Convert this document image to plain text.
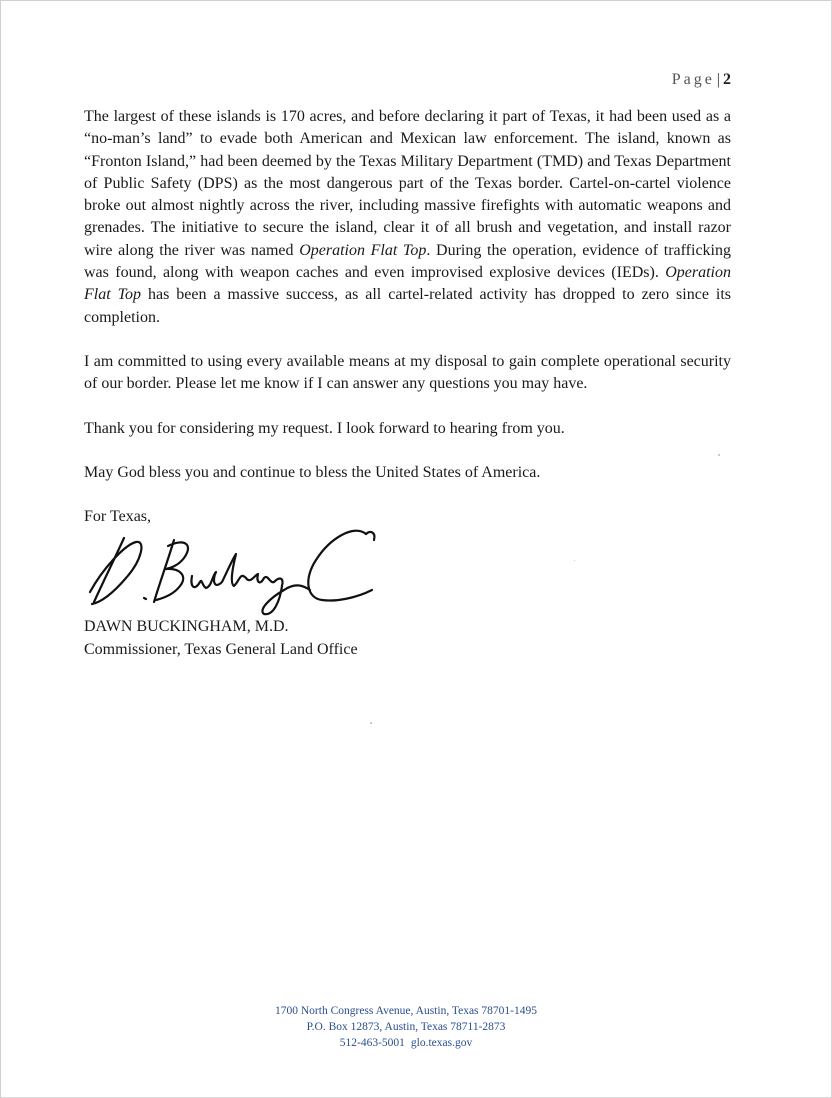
Page | 2

The largest of these islands is 170 acres, and before declaring it part of Texas, it had been used as a “no-man’s land” to evade both American and Mexican law enforcement. The island, known as “Fronton Island,” had been deemed by the Texas Military Department (TMD) and Texas Department of Public Safety (DPS) as the most dangerous part of the Texas border. Cartel-on-cartel violence broke out almost nightly across the river, including massive firefights with automatic weapons and grenades. The initiative to secure the island, clear it of all brush and vegetation, and install razor wire along the river was named Operation Flat Top. During the operation, evidence of trafficking was found, along with weapon caches and even improvised explosive devices (IEDs). Operation Flat Top has been a massive success, as all cartel-related activity has dropped to zero since its completion.

I am committed to using every available means at my disposal to gain complete operational security of our border. Please let me know if I can answer any questions you may have.

Thank you for considering my request. I look forward to hearing from you.

May God bless you and continue to bless the United States of America.

For Texas,

DAWN BUCKINGHAM, M.D.
Commissioner, Texas General Land Office
1700 North Congress Avenue, Austin, Texas 78701-1495
P.O. Box 12873, Austin, Texas 78711-2873
512-463-5001 glo.texas.gov
